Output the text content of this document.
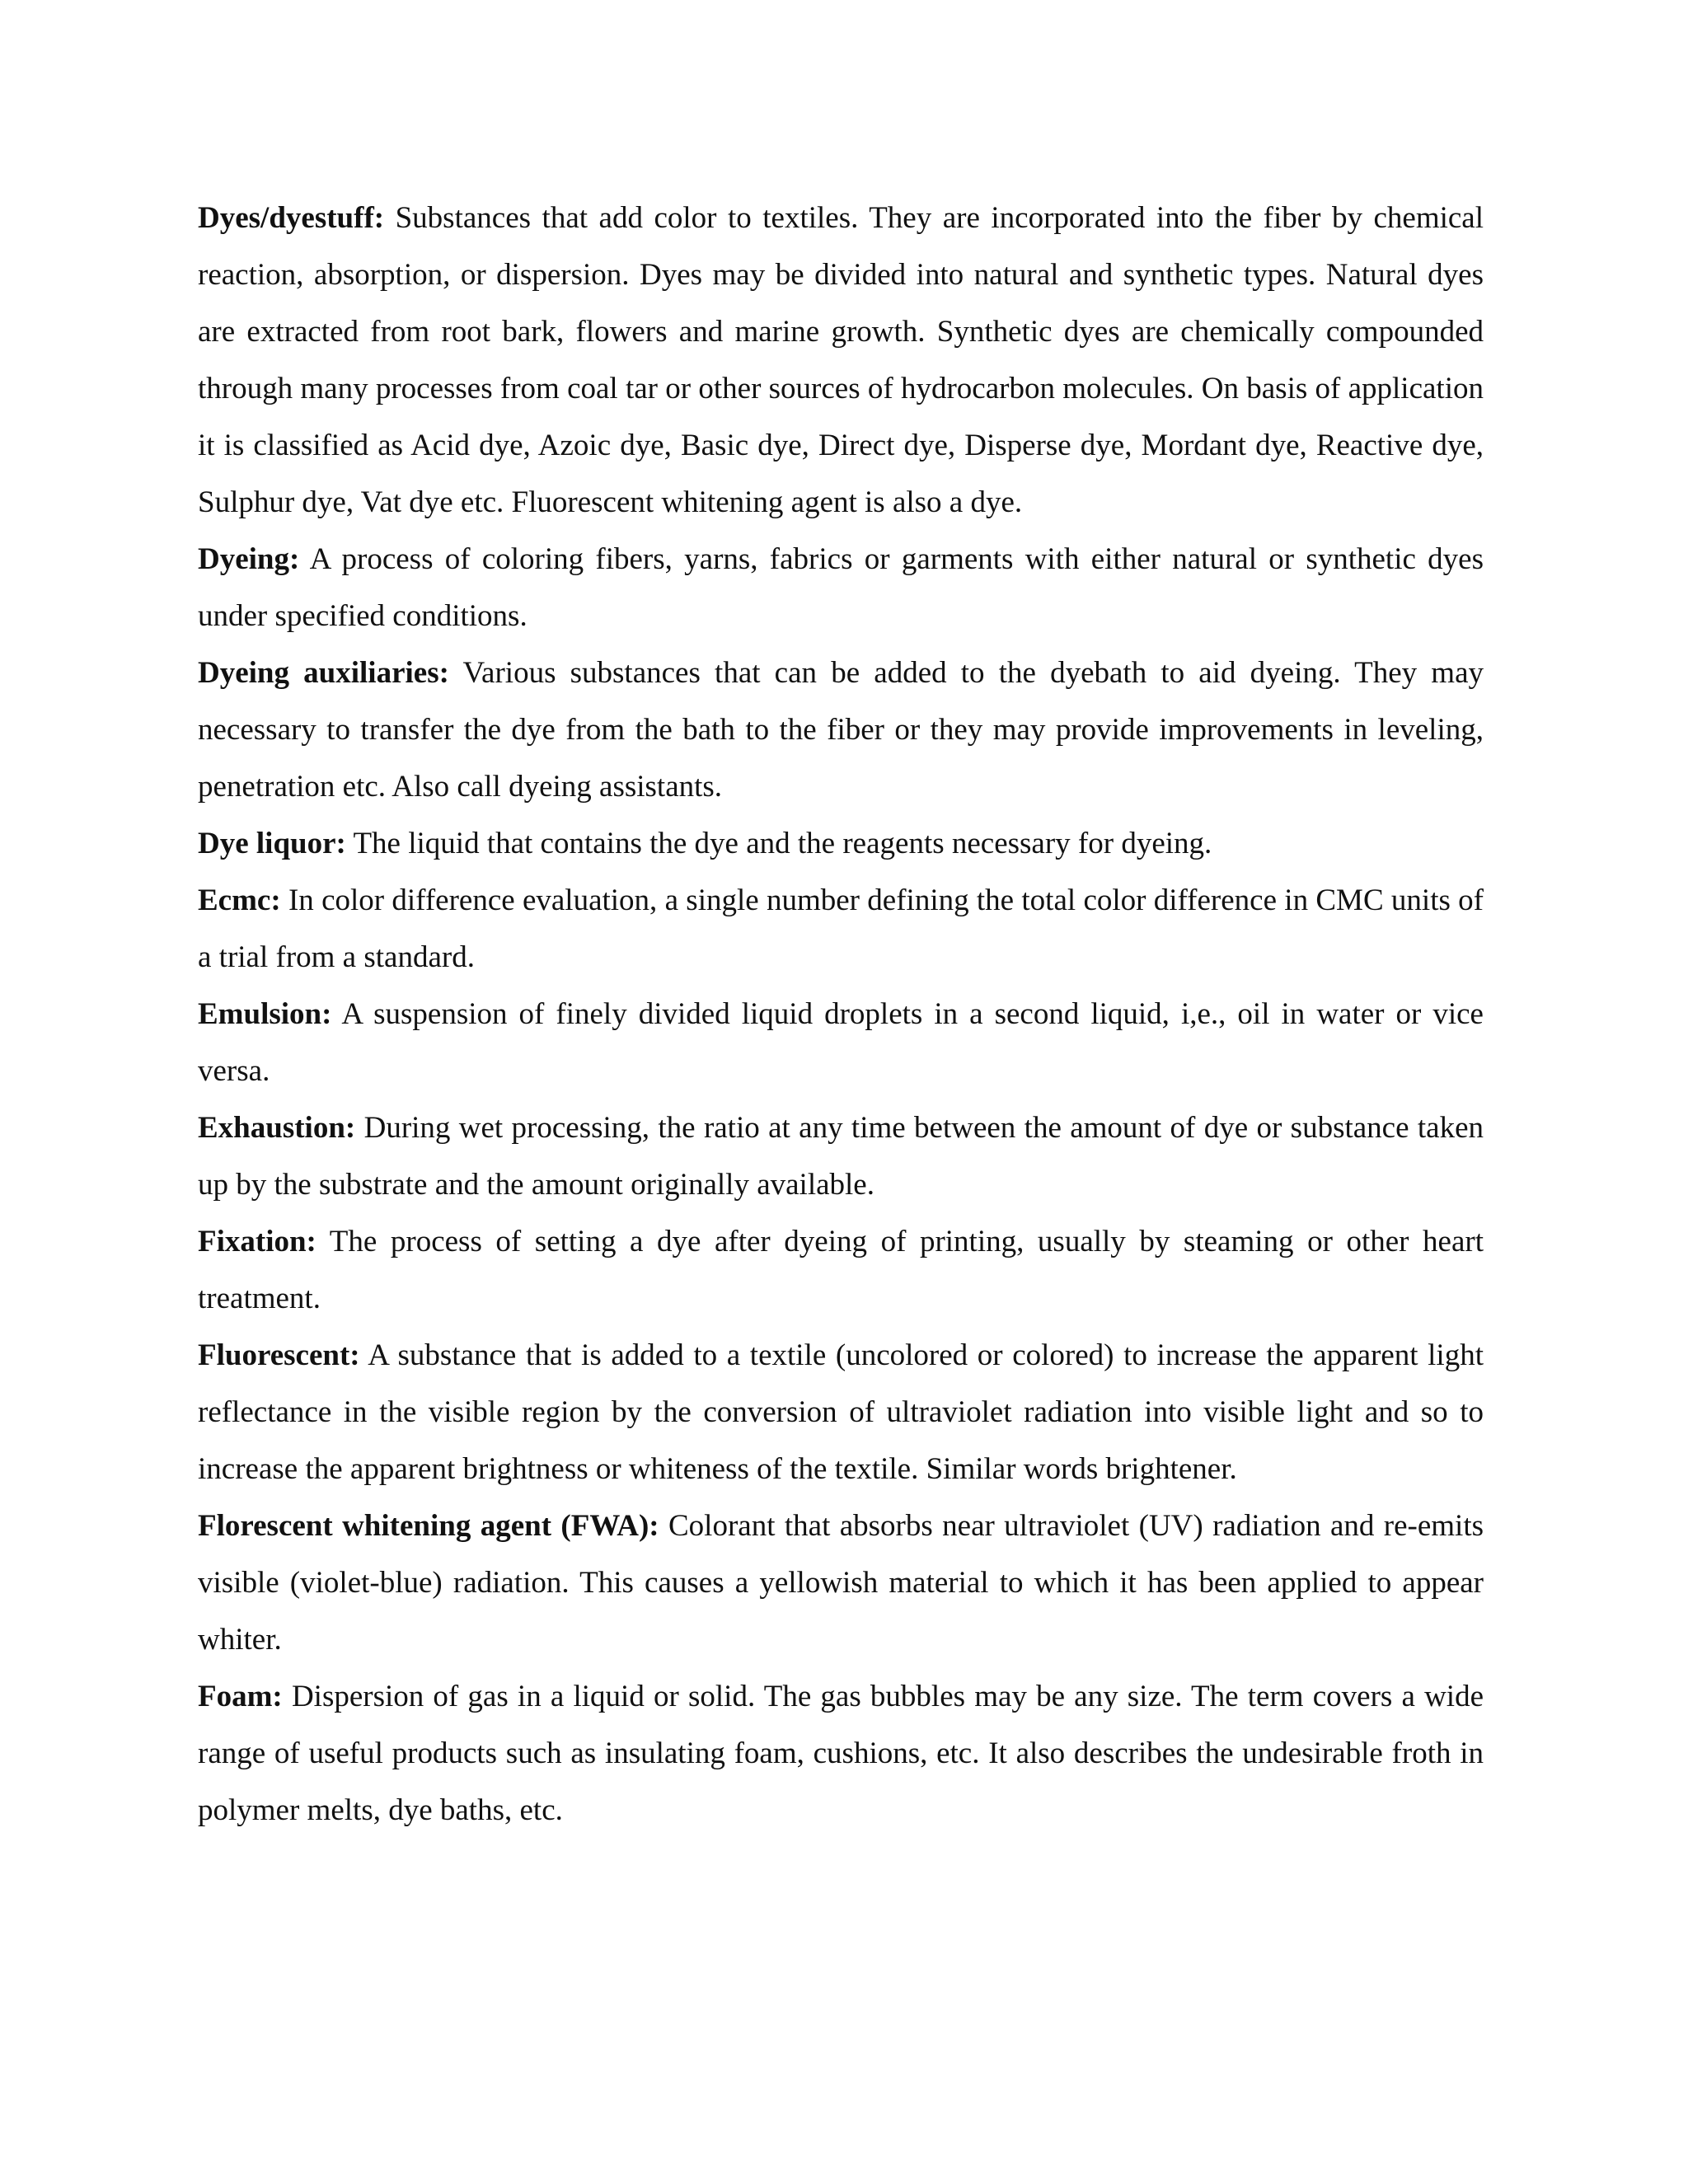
Dyes/dyestuff: Substances that add color to textiles. They are incorporated into the fiber by chemical reaction, absorption, or dispersion. Dyes may be divided into natural and synthetic types. Natural dyes are extracted from root bark, flowers and marine growth. Synthetic dyes are chemically compounded through many processes from coal tar or other sources of hydrocarbon molecules. On basis of application it is classified as Acid dye, Azoic dye, Basic dye, Direct dye, Disperse dye, Mordant dye, Reactive dye, Sulphur dye, Vat dye etc. Fluorescent whitening agent is also a dye.

Dyeing: A process of coloring fibers, yarns, fabrics or garments with either natural or synthetic dyes under specified conditions.

Dyeing auxiliaries: Various substances that can be added to the dyebath to aid dyeing. They may necessary to transfer the dye from the bath to the fiber or they may provide improvements in leveling, penetration etc. Also call dyeing assistants.

Dye liquor: The liquid that contains the dye and the reagents necessary for dyeing.

Ecmc: In color difference evaluation, a single number defining the total color difference in CMC units of a trial from a standard.

Emulsion: A suspension of finely divided liquid droplets in a second liquid, i,e., oil in water or vice versa.

Exhaustion: During wet processing, the ratio at any time between the amount of dye or substance taken up by the substrate and the amount originally available.

Fixation: The process of setting a dye after dyeing of printing, usually by steaming or other heart treatment.

Fluorescent: A substance that is added to a textile (uncolored or colored) to increase the apparent light reflectance in the visible region by the conversion of ultraviolet radiation into visible light and so to increase the apparent brightness or whiteness of the textile. Similar words brightener.

Florescent whitening agent (FWA): Colorant that absorbs near ultraviolet (UV) radiation and re-emits visible (violet-blue) radiation. This causes a yellowish material to which it has been applied to appear whiter.

Foam: Dispersion of gas in a liquid or solid. The gas bubbles may be any size. The term covers a wide range of useful products such as insulating foam, cushions, etc. It also describes the undesirable froth in polymer melts, dye baths, etc.
